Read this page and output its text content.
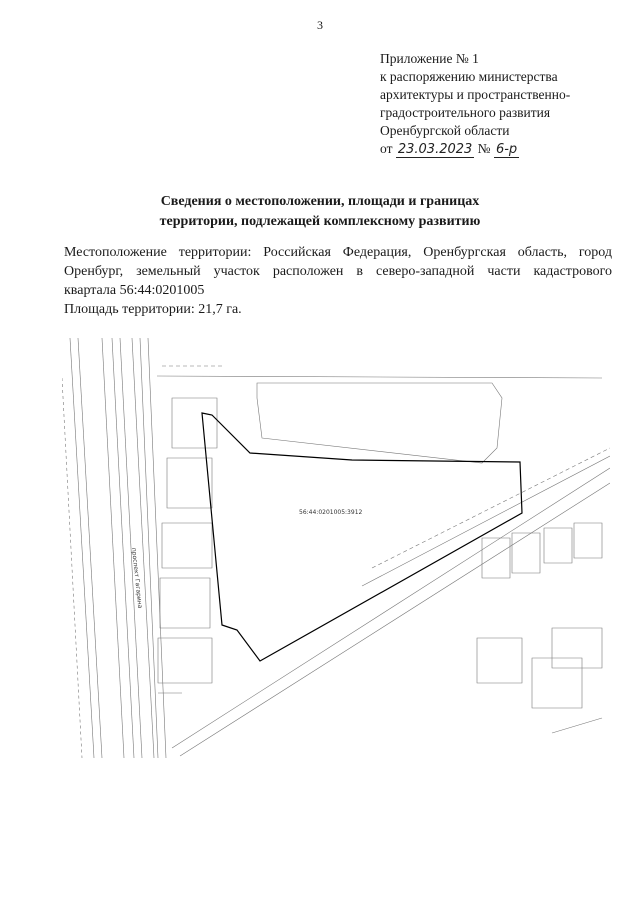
3
Приложение № 1
к распоряжению министерства
архитектуры и пространственно-
градостроительного развития
Оренбургской области
от 23.03.2023 № 6-р
Сведения о местоположении, площади и границах
территории, подлежащей комплексному развитию
Местоположение территории: Российская Федерация, Оренбургская область, город
Оренбург, земельный участок расположен в северо-западной части кадастрового
квартала 56:44:0201005
Площадь территории: 21,7 га.
56:44:0201005:3912
проспект Гагарина
